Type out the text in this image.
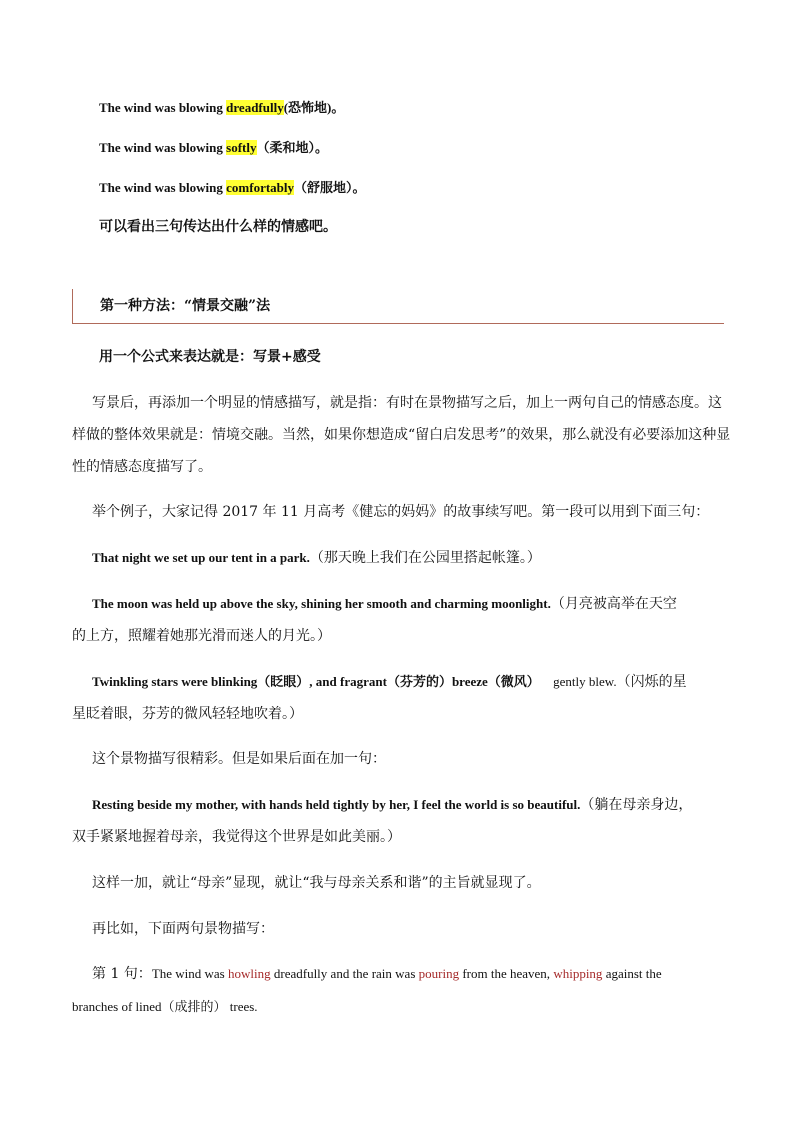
The wind was blowing dreadfully(恐怖地)。
The wind was blowing softly（柔和地）。
The wind was blowing comfortably（舒服地）。
可以看出三句传达出什么样的情感吧。
第一种方法：“情景交融”法
用一个公式来表达就是：写景+感受
写景后，再添加一个明显的情感描写，就是指：有时在景物描写之后，加上一两句自己的情感态度。这
样做的整体效果就是：情境交融。当然，如果你想造成“留白启发思考”的效果，那么就没有必要添加这种显
性的情感态度描写了。
举个例子，大家记得 2017 年 11 月高考《健忘的妈妈》的故事续写吧。第一段可以用到下面三句：
That night we set up our tent in a park.（那天晚上我们在公园里搭起帐篷。）
The moon was held up above the sky, shining her smooth and charming moonlight.（月亮被高举在天空
的上方，照耀着她那光滑而迷人的月光。）
Twinkling stars were blinking（眨眼）, and fragrant（芬芳的）breeze（微风） gently blew.（闪烁的星
星眨着眼，芬芳的微风轻轻地吹着。）
这个景物描写很精彩。但是如果后面在加一句：
Resting beside my mother, with hands held tightly by her, I feel the world is so beautiful.（躺在母亲身边，
双手紧紧地握着母亲，我觉得这个世界是如此美丽。）
这样一加，就让“母亲”显现，就让“我与母亲关系和谐”的主旨就显现了。
再比如，下面两句景物描写：
第 1 句：The wind was howling dreadfully and the rain was pouring from the heaven, whipping against the
branches of lined（成排的） trees.
